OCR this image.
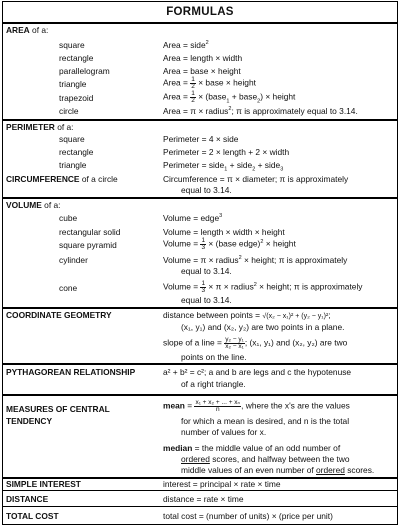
FORMULAS
AREA of a:
square	Area = side$^2$
rectangle	Area = length × width
parallelogram	Area = base × height
triangle	Area = $\frac{1}{2}$ × base × height
trapezoid	Area = $\frac{1}{2}$ × (base$_1$ + base$_2$) × height
circle	Area = π × radius$^2$; π is approximately equal to 3.14.
PERIMETER of a:
square	Perimeter = 4 × side
rectangle	Perimeter = 2 × length + 2 × width
triangle	Perimeter = side$_1$ + side$_2$ + side$_3$
CIRCUMFERENCE of a circle	Circumference = π × diameter; π is approximately
equal to 3.14.
VOLUME of a:
cube	Volume = edge$^3$
rectangular solid	Volume = length × width × height
square pyramid	Volume = $\frac{1}{3}$ × (base edge)$^2$ × height
cylinder	Volume = π × radius$^2$ × height; π is approximately
equal to 3.14.
cone	Volume = $\frac{1}{3} \times \pi$ × radius$^2$ × height; π is approximately
equal to 3.14.
COORDINATE GEOMETRY	distance between points = √(x₂ − x₁)² + (y₂ − y₁)²;
(x₁, y₁) and (x₂, y₂) are two points in a plane.
slope of a line = $\frac{\text{y₂ − y₁}}{\text{x₂ − x₁}}$ ; (x₁, y₁) and (x₂, y₂) are two
points on the line.
PYTHAGOREAN RELATIONSHIP	a² + b² = c²; a and b are legs and c the hypotenuse
of a right triangle.
MEASURES OF CENTRAL
TENDENCY
mean = $\frac{\text{x₁ + x₂ + ... + xₙ}}{n}$ , where the x's are the values
for which a mean is desired, and n is the total
number of values for x.
median = the middle value of an odd number of
ordered scores, and halfway between the two
middle values of an even number of ordered scores.
SIMPLE INTEREST	interest = principal × rate × time
DISTANCE	distance = rate × time
TOTAL COST	total cost = (number of units) × (price per unit)
